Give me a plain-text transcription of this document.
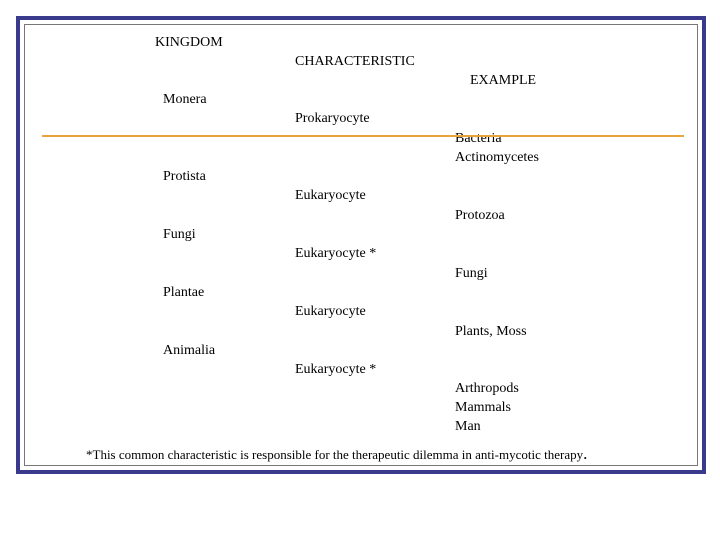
KINGDOM
CHARACTERISTIC
EXAMPLE
Monera
Prokaryocyte
Bacteria
Actinomycetes
Protista
Eukaryocyte
Protozoa
Fungi
Eukaryocyte *
Fungi
Plantae
Eukaryocyte
Plants, Moss
Animalia
Eukaryocyte *
Arthropods
Mammals
Man
*This common characteristic is responsible for the therapeutic dilemma in anti-mycotic therapy.
